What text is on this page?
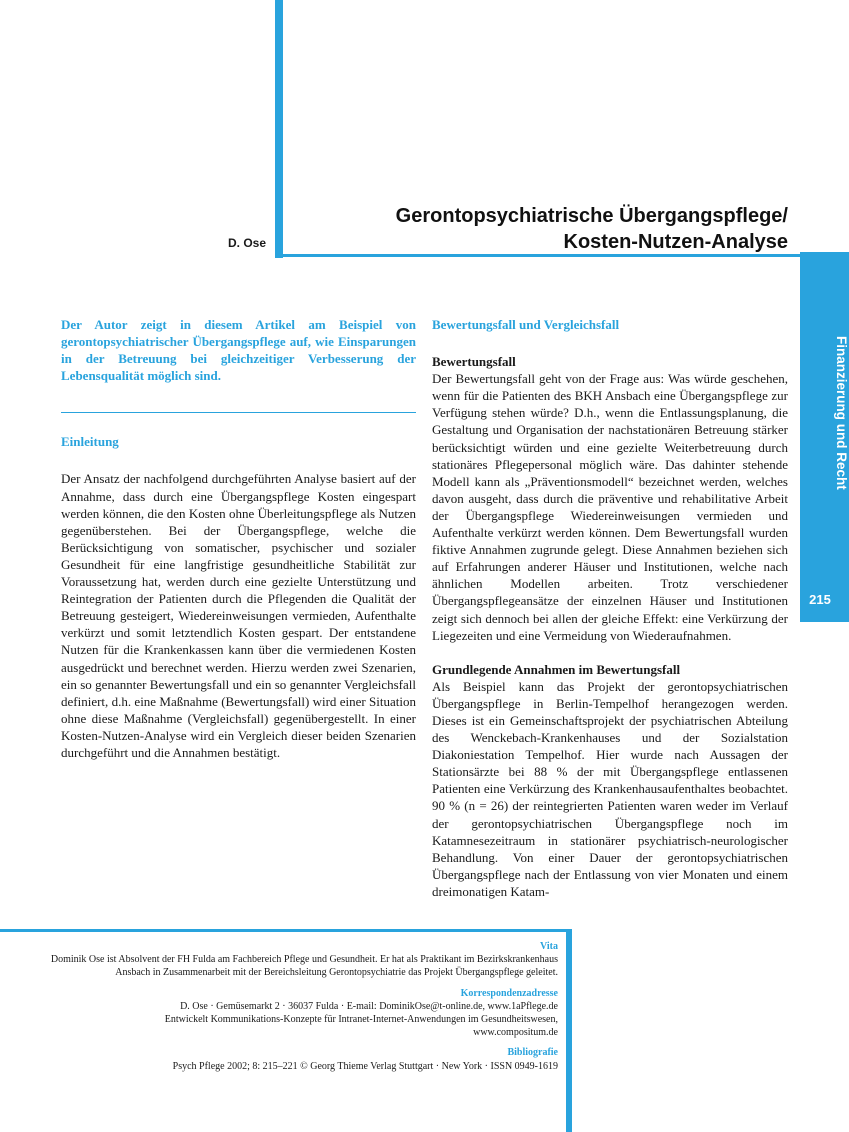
D. Ose
Gerontopsychiatrische Übergangspflege/
Kosten-Nutzen-Analyse
Finanzierung und Recht
215

Der Autor zeigt in diesem Artikel am Beispiel von gerontopsychiatrischer Übergangspflege auf, wie Einsparungen in der Betreuung bei gleichzeitiger Verbesserung der Lebensqualität möglich sind.

Einleitung

Der Ansatz der nachfolgend durchgeführten Analyse basiert auf der Annahme, dass durch eine Übergangspflege Kosten eingespart werden können, die den Kosten ohne Überleitungspflege als Nutzen gegenüberstehen. Bei der Übergangspflege, welche die Berücksichtigung von somatischer, psychischer und sozialer Gesundheit für eine langfristige gesundheitliche Stabilität zur Voraussetzung hat, werden durch eine gezielte Unterstützung und Reintegration der Patienten durch die Pflegenden die Qualität der Betreuung gesteigert, Wiedereinweisungen vermieden, Aufenthalte verkürzt und somit letztendlich Kosten gespart. Der entstandene Nutzen für die Krankenkassen kann über die vermiedenen Kosten ausgedrückt und berechnet werden. Hierzu werden zwei Szenarien, ein so genannter Bewertungsfall und ein so genannter Vergleichsfall definiert, d.h. eine Maßnahme (Bewertungsfall) wird einer Situation ohne diese Maßnahme (Vergleichsfall) gegenübergestellt. In einer Kosten-Nutzen-Analyse wird ein Vergleich dieser beiden Szenarien durchgeführt und die Annahmen bestätigt.

Bewertungsfall und Vergleichsfall

Bewertungsfall

Der Bewertungsfall geht von der Frage aus: Was würde geschehen, wenn für die Patienten des BKH Ansbach eine Übergangspflege zur Verfügung stehen würde? D.h., wenn die Entlassungsplanung, die Gestaltung und Organisation der nachstationären Betreuung stärker berücksichtigt würden und eine gezielte Weiterbetreuung durch stationäres Pflegepersonal möglich wäre. Das dahinter stehende Modell kann als „Präventionsmodell“ bezeichnet werden, welches davon ausgeht, dass durch die präventive und rehabilitative Arbeit der Übergangspflege Wiedereinweisungen vermieden und Aufenthalte verkürzt werden können. Dem Bewertungsfall wurden fiktive Annahmen zugrunde gelegt. Diese Annahmen beziehen sich auf Erfahrungen anderer Häuser und Institutionen, welche nach ähnlichen Modellen arbeiten. Trotz verschiedener Übergangspflegeansätze der einzelnen Häuser und Institutionen zeigt sich dennoch bei allen der gleiche Effekt: eine Verkürzung der Liegezeiten und eine Vermeidung von Wiederaufnahmen.

Grundlegende Annahmen im Bewertungsfall

Als Beispiel kann das Projekt der gerontopsychiatrischen Übergangspflege in Berlin-Tempelhof herangezogen werden. Dieses ist ein Gemeinschaftsprojekt der psychiatrischen Abteilung des Wenckebach-Krankenhauses und der Sozialstation Diakoniestation Tempelhof. Hier wurde nach Aussagen der Stationsärzte bei 88 % der mit Übergangspflege entlassenen Patienten eine Verkürzung des Krankenhausaufenthaltes beobachtet. 90 % (n = 26) der reintegrierten Patienten waren weder im Verlauf der gerontopsychiatrischen Übergangspflege noch im Katamnesezeitraum in stationärer psychiatrisch-neurologischer Behandlung. Von einer Dauer der gerontopsychiatrischen Übergangspflege nach der Entlassung von vier Monaten und einem dreimonatigen Katam-

Vita
Dominik Ose ist Absolvent der FH Fulda am Fachbereich Pflege und Gesundheit. Er hat als Praktikant im Bezirkskrankenhaus Ansbach in Zusammenarbeit mit der Bereichsleitung Gerontopsychiatrie das Projekt Übergangspflege geleitet.
Korrespondenzadresse
D. Ose · Gemüsemarkt 2 · 36037 Fulda · E-mail: DominikOse@t-online.de, www.1aPflege.de
Entwickelt Kommunikations-Konzepte für Intranet-Internet-Anwendungen im Gesundheitswesen,
www.compositum.de
Bibliografie
Psych Pflege 2002; 8: 215–221 © Georg Thieme Verlag Stuttgart · New York · ISSN 0949-1619
